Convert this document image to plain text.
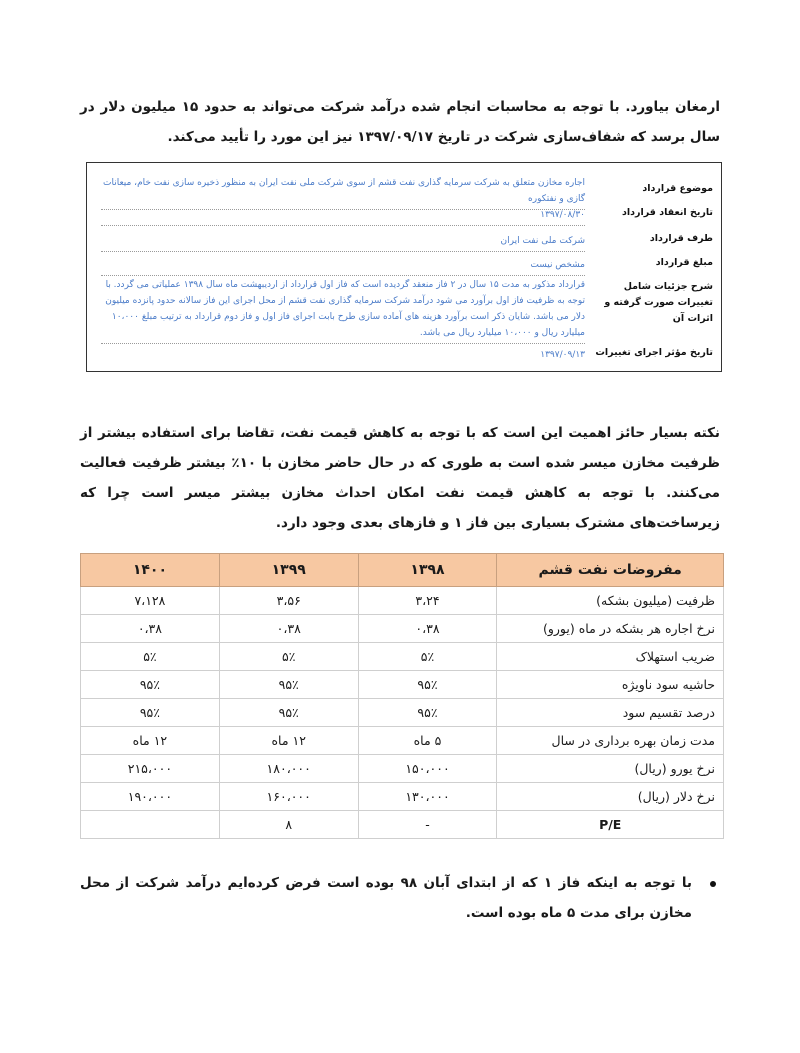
ارمغان بیاورد. با توجه به محاسبات انجام شده درآمد شرکت می‌تواند به حدود ۱۵ میلیون دلار در سال برسد که شفاف‌سازی شرکت در تاریخ ۱۳۹۷/۰۹/۱۷ نیز این مورد را تأیید می‌کند.
موضوع قرارداد
اجاره مخازن متعلق به شرکت سرمایه گذاری نفت قشم از سوی شرکت ملی نفت ایران به منظور ذخیره سازی نفت خام، میعانات گازی و نفتکوره
تاریخ انعقاد قرارداد
۱۳۹۷/۰۸/۳۰
طرف قرارداد
شرکت ملی نفت ایران
مبلغ قرارداد
مشخص نیست
شرح جزئیات شامل تغییرات صورت گرفته و اثرات آن
قرارداد مذکور به مدت ۱۵ سال در ۲ فاز منعقد گردیده است که فاز اول قرارداد از اردیبهشت ماه سال ۱۳۹۸ عملیاتی می گردد. با توجه به ظرفیت فاز اول برآورد می شود درآمد شرکت سرمایه گذاری نفت قشم از محل اجرای این فاز سالانه حدود پانزده میلیون دلار می باشد. شایان ذکر است برآورد هزینه های آماده سازی طرح بابت اجرای فاز اول و فاز دوم قرارداد به ترتیب مبلغ ۱۰،۰۰۰ میلیارد ریال و ۱۰،۰۰۰ میلیارد ریال می باشد.
تاریخ مؤثر اجرای تغییرات
۱۳۹۷/۰۹/۱۳
نکته بسیار حائز اهمیت این است که با توجه به کاهش قیمت نفت، تقاضا برای استفاده بیشتر از ظرفیت مخازن میسر شده است به طوری که در حال حاضر مخازن با ۱۰٪ بیشتر ظرفیت فعالیت می‌کنند. با توجه به کاهش قیمت نفت امکان احداث مخازن بیشتر میسر است چرا که زیرساخت‌های مشترک بسیاری بین فاز ۱ و فازهای بعدی وجود دارد.
مفروضات نفت قشم	۱۳۹۸	۱۳۹۹	۱۴۰۰
ظرفیت (میلیون بشکه)	۳،۲۴	۳،۵۶	۷،۱۲۸
نرخ اجاره هر بشکه در ماه (یورو)	۰،۳۸	۰،۳۸	۰،۳۸
ضریب استهلاک	۵٪	۵٪	۵٪
حاشیه سود ناویژه	۹۵٪	۹۵٪	۹۵٪
درصد تقسیم سود	۹۵٪	۹۵٪	۹۵٪
مدت زمان بهره برداری در سال	۵ ماه	۱۲ ماه	۱۲ ماه
نرخ یورو (ریال)	۱۵۰،۰۰۰	۱۸۰،۰۰۰	۲۱۵،۰۰۰
نرخ دلار (ریال)	۱۳۰،۰۰۰	۱۶۰،۰۰۰	۱۹۰،۰۰۰
P/E	-	۸	
با توجه به اینکه فاز ۱ که از ابتدای آبان ۹۸ بوده است فرض کرده‌ایم درآمد شرکت از محل مخازن برای مدت ۵ ماه بوده است.
